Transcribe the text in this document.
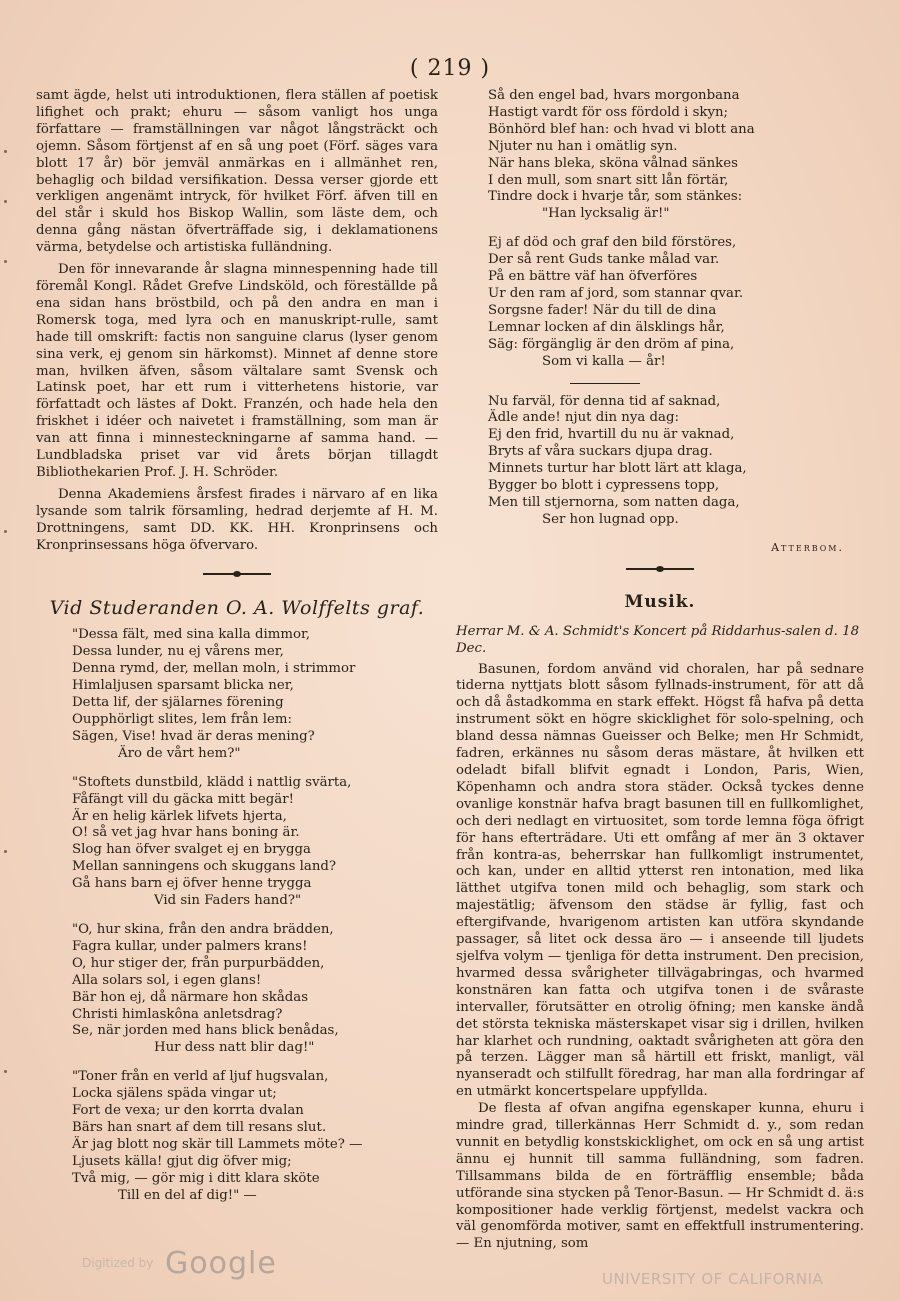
( 219 )

samt ägde, helst uti introduktionen, flera ställen af poetisk lifighet och prakt; ehuru — såsom vanligt hos unga författare — framställningen var något långsträckt och ojemn. Såsom förtjenst af en så ung poet (Förf. säges vara blott 17 år) bör jemväl anmärkas en i allmänhet ren, behaglig och bildad versifikation. Dessa verser gjorde ett verkligen angenämt intryck, för hvilket Förf. äfven till en del står i skuld hos Biskop Wallin, som läste dem, och denna gång nästan öfverträffade sig, i deklamationens värma, betydelse och artistiska fulländning.

Den för innevarande år slagna minnespenning hade till föremål Kongl. Rådet Grefve Lindsköld, och föreställde på ena sidan hans bröstbild, och på den andra en man i Romersk toga, med lyra och en manuskript-rulle, samt hade till omskrift: factis non sanguine clarus (lyser genom sina verk, ej genom sin härkomst). Minnet af denne store man, hvilken äfven, såsom vältalare samt Svensk och Latinsk poet, har ett rum i vitterhetens historie, var författadt och lästes af Dokt. Franzén, och hade hela den friskhet i idéer och naivetet i framställning, som man är van att finna i minnesteckningarne af samma hand. — Lundbladska priset var vid årets början tillagdt Bibliothekarien Prof. J. H. Schröder.

Denna Akademiens årsfest firades i närvaro af en lika lysande som talrik församling, hedrad derjemte af H. M. Drottningens, samt DD. KK. HH. Kronprinsens och Kronprinsessans höga öfvervaro.

Vid Studeranden O. A. Wolffelts graf.
"Dessa fält, med sina kalla dimmor,
Dessa lunder, nu ej vårens mer,
Denna rymd, der, mellan moln, i strimmor
Himlaljusen sparsamt blicka ner,
Detta lif, der själarnes förening
Oupphörligt slites, lem från lem:
Sägen, Vise! hvad är deras mening?
Äro de vårt hem?"
"Stoftets dunstbild, klädd i nattlig svärta,
Fåfängt vill du gäcka mitt begär!
Är en helig kärlek lifvets hjerta,
O! så vet jag hvar hans boning är.
Slog han öfver svalget ej en brygga
Mellan sanningens och skuggans land?
Gå hans barn ej öfver henne trygga
Vid sin Faders hand?"
"O, hur skina, från den andra brädden,
Fagra kullar, under palmers krans!
O, hur stiger der, från purpurbädden,
Alla solars sol, i egen glans!
Bär hon ej, då närmare hon skådas
Christi himlaskôna anletsdrag?
Se, när jorden med hans blick benådas,
Hur dess natt blir dag!"
"Toner från en verld af ljuf hugsvalan,
Locka själens späda vingar ut;
Fort de vexa; ur den korrta dvalan
Bärs han snart af dem till resans slut.
Är jag blott nog skär till Lammets möte? —
Ljusets källa! gjut dig öfver mig;
Två mig, — gör mig i ditt klara sköte
Till en del af dig!" —
Så den engel bad, hvars morgonbana
Hastigt vardt för oss fördold i skyn;
Bönhörd blef han: och hvad vi blott ana
Njuter nu han i omätlig syn.
När hans bleka, sköna vålnad sänkes
I den mull, som snart sitt lån förtär,
Tindre dock i hvarje tår, som stänkes:
"Han lycksalig är!"
Ej af död och graf den bild förstöres,
Der så rent Guds tanke målad var.
På en bättre väf han öfverföres
Ur den ram af jord, som stannar qvar.
Sorgsne fader! När du till de dina
Lemnar locken af din älsklings hår,
Säg: förgänglig är den dröm af pina,
Som vi kalla — år!
Nu farväl, för denna tid af saknad,
Ädle ande! njut din nya dag:
Ej den frid, hvartill du nu är vaknad,
Bryts af våra suckars djupa drag.
Minnets turtur har blott lärt att klaga,
Bygger bo blott i cypressens topp,
Men till stjernorna, som natten daga,
Ser hon lugnad opp.
Atterbom.
Musik.

Herrar M. & A. Schmidt's Koncert på Riddarhus-salen d. 18 Dec.

Basunen, fordom använd vid choralen, har på sednare tiderna nyttjats blott såsom fyllnads-instrument, för att då och då åstadkomma en stark effekt. Högst få hafva på detta instrument sökt en högre skicklighet för solo-spelning, och bland dessa nämnas Gueisser och Belke; men Hr Schmidt, fadren, erkännes nu såsom deras mästare, åt hvilken ett odeladt bifall blifvit egnadt i London, Paris, Wien, Köpenhamn och andra stora städer. Också tyckes denne ovanlige konstnär hafva bragt basunen till en fullkomlighet, och deri nedlagt en virtuositet, som torde lemna föga öfrigt för hans efterträdare. Uti ett omfång af mer än 3 oktaver från kontra-as, beherrskar han fullkomligt instrumentet, och kan, under en alltid ytterst ren intonation, med lika lätthet utgifva tonen mild och behaglig, som stark och majestätlig; äfvensom den städse är fyllig, fast och eftergifvande, hvarigenom artisten kan utföra skyndande passager, så litet ock dessa äro — i anseende till ljudets sjelfva volym — tjenliga för detta instrument. Den precision, hvarmed dessa svårigheter tillvägabringas, och hvarmed konstnären kan fatta och utgifva tonen i de svåraste intervaller, förutsätter en otrolig öfning; men kanske ändå det största tekniska mästerskapet visar sig i drillen, hvilken har klarhet och rundning, oaktadt svårigheten att göra den på terzen. Lägger man så härtill ett friskt, manligt, väl nyanseradt och stilfullt föredrag, har man alla fordringar af en utmärkt koncertspelare uppfyllda.

De flesta af ofvan angifna egenskaper kunna, ehuru i mindre grad, tillerkännas Herr Schmidt d. y., som redan vunnit en betydlig konstskicklighet, om ock en så ung artist ännu ej hunnit till samma fulländning, som fadren. Tillsammans bilda de en förträfflig ensemble; båda utförande sina stycken på Tenor-Basun. — Hr Schmidt d. ä:s kompositioner hade verklig förtjenst, medelst vackra och väl genomförda motiver, samt en effektfull instrumentering. — En njutning, som

Digitized by Google	UNIVERSITY OF CALIFORNIA
